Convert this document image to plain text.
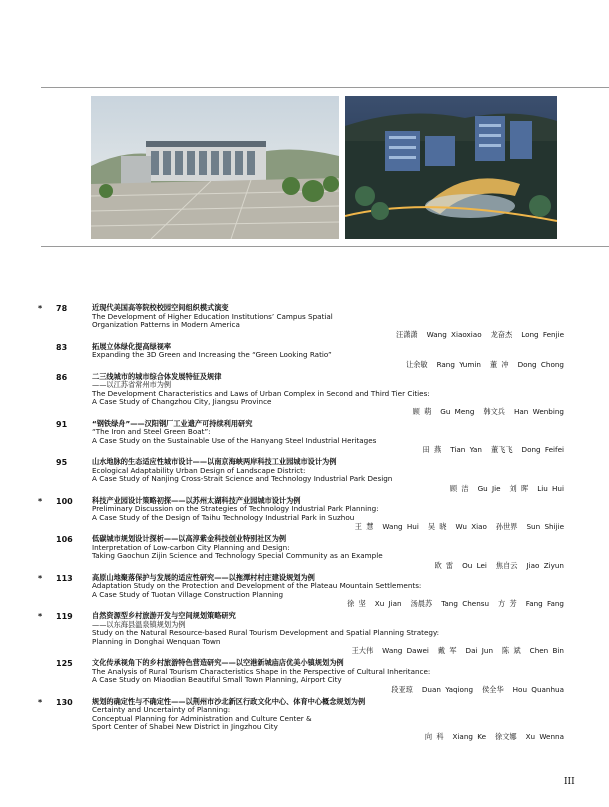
* 78	近现代美国高等院校校园空间组织模式演变
The Development of Higher Education Institutions’ Campus Spatial
Organization Patterns in Modern America
汪潇潇 Wang Xiaoxiao 龙奋杰 Long Fenjie
83	拓展立体绿化提高绿视率
Expanding the 3D Green and Increasing the “Green Looking Ratio”
让余敏 Rang Yumin 董 冲 Dong Chong
86	二三线城市的城市综合体发展特征及规律
——以江苏省常州市为例
The Development Characteristics and Laws of Urban Complex in Second and Third Tier Cities:
A Case Study of Changzhou City, Jiangsu Province
顾 萌 Gu Meng 韩文兵 Han Wenbing
91	“钢铁绿舟”——汉阳钢厂工业遗产可持续利用研究
“The Iron and Steel Green Boat”:
A Case Study on the Sustainable Use of the Hanyang Steel Industrial Heritages
田 燕 Tian Yan 董飞飞 Dong Feifei
95	山水地脉的生态适应性城市设计——以南京海峡两岸科技工业园城市设计为例
Ecological Adaptability Urban Design of Landscape District:
A Case Study of Nanjing Cross-Strait Science and Technology Industrial Park Design
顾 洁 Gu Jie 刘 晖 Liu Hui
* 100	科技产业园设计策略初探——以苏州太湖科技产业园城市设计为例
Preliminary Discussion on the Strategies of Technology Industrial Park Planning:
A Case Study of the Design of Taihu Technology Industrial Park in Suzhou
王 慧 Wang Hui 吴 晓 Wu Xiao 孙世界 Sun Shijie
106	低碳城市规划设计探析——以高淳紫金科技创业特别社区为例
Interpretation of Low-carbon City Planning and Design:
Taking Gaochun Zijin Science and Technology Special Community as an Example
欧 雷 Ou Lei 焦自云 Jiao Ziyun
* 113	高原山地聚落保护与发展的适应性研究——以拖潭村村庄建设规划为例
Adaptation Study on the Protection and Development of the Plateau Mountain Settlements:
A Case Study of Tuotan Village Construction Planning
徐 坚 Xu Jian 汤晨苏 Tang Chensu 方 芳 Fang Fang
* 119	自然资源型乡村旅游开发与空间规划策略研究
——以东海县温泉镇规划为例
Study on the Natural Resource-based Rural Tourism Development and Spatial Planning Strategy:
Planning in Donghai Wenquan Town
王大伟 Wang Dawei 戴 军 Dai Jun 陈 斌 Chen Bin
125	文化传承视角下的乡村旅游特色营造研究——以空港新城庙店优美小镇规划为例
The Analysis of Rural Tourism Characteristics Shape in the Perspective of Cultural Inheritance:
A Case Study on Miaodian Beautiful Small Town Planning, Airport City
段亚琼 Duan Yaqiong 侯全华 Hou Quanhua
* 130	规划的确定性与不确定性——以荆州市沙北新区行政文化中心、体育中心概念规划为例
Certainty and Uncertainty of Planning:
Conceptual Planning for Administration and Culture Center &
Sport Center of Shabei New District in Jingzhou City
向 科 Xiang Ke 徐文娜 Xu Wenna
III
